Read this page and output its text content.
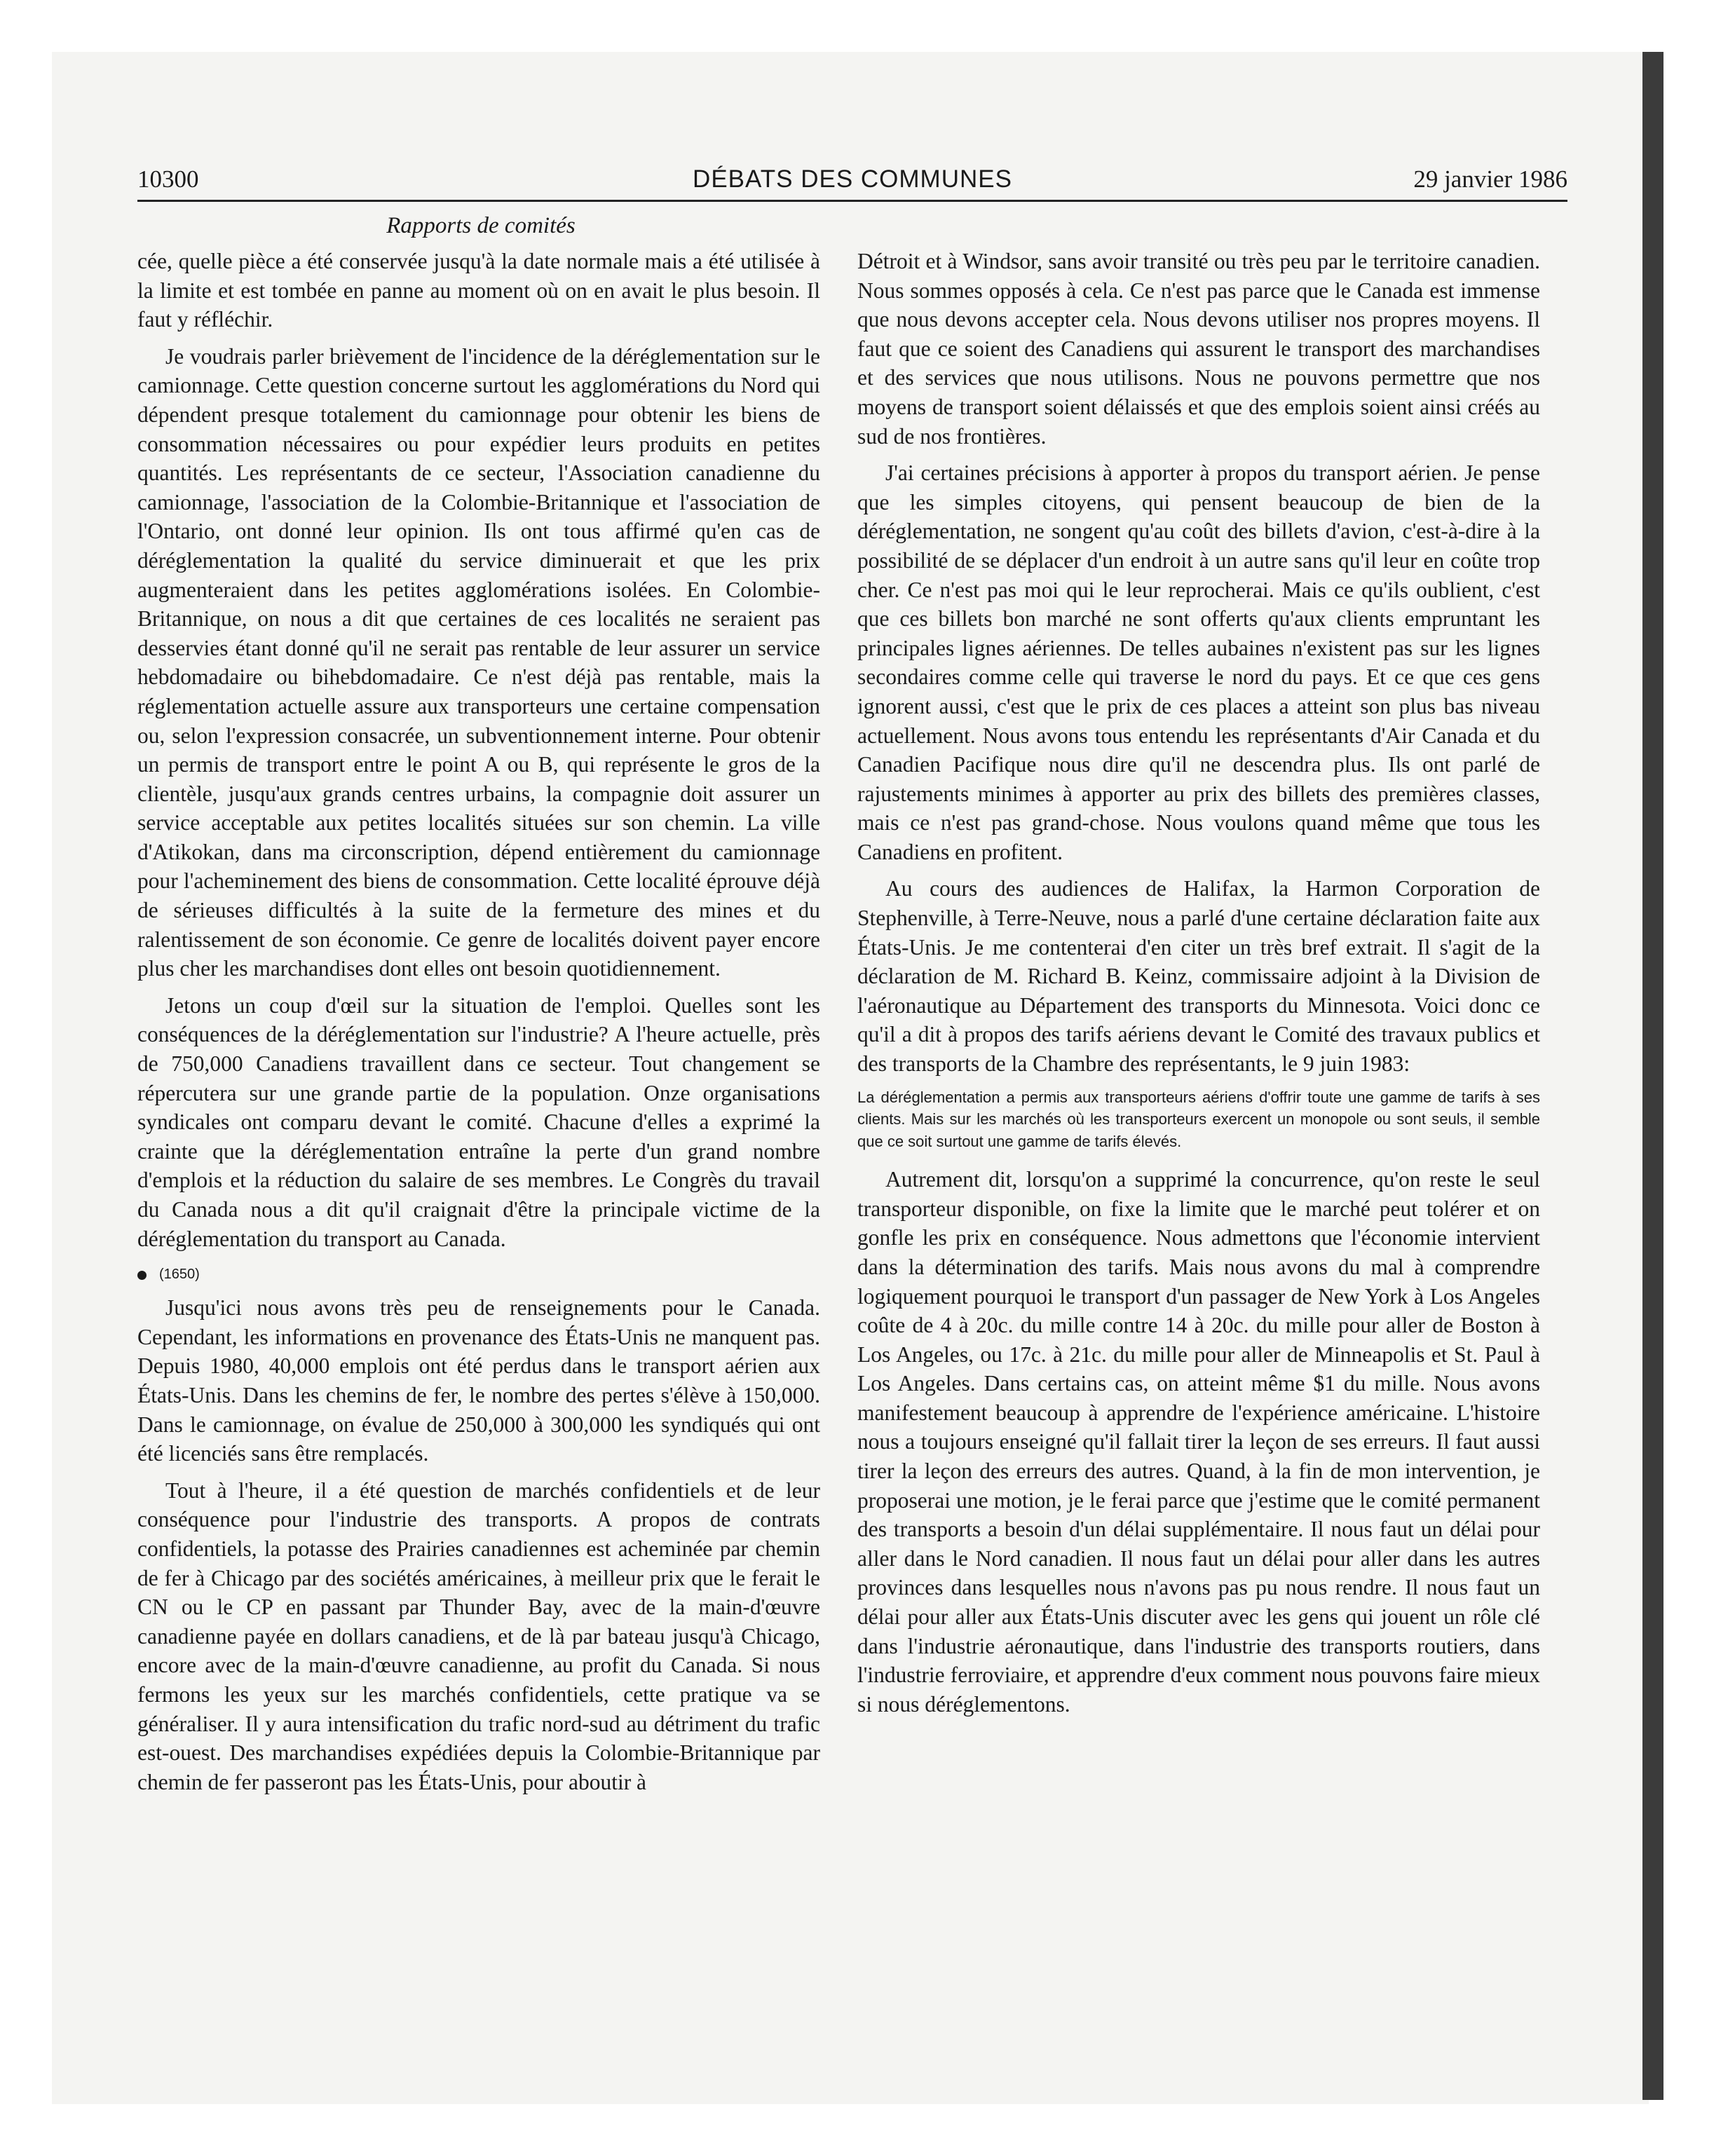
10300	DÉBATS DES COMMUNES	29 janvier 1986
Rapports de comités

cée, quelle pièce a été conservée jusqu'à la date normale mais a été utilisée à la limite et est tombée en panne au moment où on en avait le plus besoin. Il faut y réfléchir.

Je voudrais parler brièvement de l'incidence de la déréglementation sur le camionnage. Cette question concerne surtout les agglomérations du Nord qui dépendent presque totalement du camionnage pour obtenir les biens de consommation nécessaires ou pour expédier leurs produits en petites quantités. Les représentants de ce secteur, l'Association canadienne du camionnage, l'association de la Colombie-Britannique et l'association de l'Ontario, ont donné leur opinion. Ils ont tous affirmé qu'en cas de déréglementation la qualité du service diminuerait et que les prix augmenteraient dans les petites agglomérations isolées. En Colombie-Britannique, on nous a dit que certaines de ces localités ne seraient pas desservies étant donné qu'il ne serait pas rentable de leur assurer un service hebdomadaire ou bihebdomadaire. Ce n'est déjà pas rentable, mais la réglementation actuelle assure aux transporteurs une certaine compensation ou, selon l'expression consacrée, un subventionnement interne. Pour obtenir un permis de transport entre le point A ou B, qui représente le gros de la clientèle, jusqu'aux grands centres urbains, la compagnie doit assurer un service acceptable aux petites localités situées sur son chemin. La ville d'Atikokan, dans ma circonscription, dépend entièrement du camionnage pour l'acheminement des biens de consommation. Cette localité éprouve déjà de sérieuses difficultés à la suite de la fermeture des mines et du ralentissement de son économie. Ce genre de localités doivent payer encore plus cher les marchandises dont elles ont besoin quotidiennement.

Jetons un coup d'œil sur la situation de l'emploi. Quelles sont les conséquences de la déréglementation sur l'industrie? A l'heure actuelle, près de 750,000 Canadiens travaillent dans ce secteur. Tout changement se répercutera sur une grande partie de la population. Onze organisations syndicales ont comparu devant le comité. Chacune d'elles a exprimé la crainte que la déréglementation entraîne la perte d'un grand nombre d'emplois et la réduction du salaire de ses membres. Le Congrès du travail du Canada nous a dit qu'il craignait d'être la principale victime de la déréglementation du transport au Canada.

(1650)

Jusqu'ici nous avons très peu de renseignements pour le Canada. Cependant, les informations en provenance des États-Unis ne manquent pas. Depuis 1980, 40,000 emplois ont été perdus dans le transport aérien aux États-Unis. Dans les chemins de fer, le nombre des pertes s'élève à 150,000. Dans le camionnage, on évalue de 250,000 à 300,000 les syndiqués qui ont été licenciés sans être remplacés.

Tout à l'heure, il a été question de marchés confidentiels et de leur conséquence pour l'industrie des transports. A propos de contrats confidentiels, la potasse des Prairies canadiennes est acheminée par chemin de fer à Chicago par des sociétés américaines, à meilleur prix que le ferait le CN ou le CP en passant par Thunder Bay, avec de la main-d'œuvre canadienne payée en dollars canadiens, et de là par bateau jusqu'à Chicago, encore avec de la main-d'œuvre canadienne, au profit du Canada. Si nous fermons les yeux sur les marchés confidentiels, cette pratique va se généraliser. Il y aura intensification du trafic nord-sud au détriment du trafic est-ouest. Des marchandises expédiées depuis la Colombie-Britannique par chemin de fer passeront pas les États-Unis, pour aboutir à

Détroit et à Windsor, sans avoir transité ou très peu par le territoire canadien. Nous sommes opposés à cela. Ce n'est pas parce que le Canada est immense que nous devons accepter cela. Nous devons utiliser nos propres moyens. Il faut que ce soient des Canadiens qui assurent le transport des marchandises et des services que nous utilisons. Nous ne pouvons permettre que nos moyens de transport soient délaissés et que des emplois soient ainsi créés au sud de nos frontières.

J'ai certaines précisions à apporter à propos du transport aérien. Je pense que les simples citoyens, qui pensent beaucoup de bien de la déréglementation, ne songent qu'au coût des billets d'avion, c'est-à-dire à la possibilité de se déplacer d'un endroit à un autre sans qu'il leur en coûte trop cher. Ce n'est pas moi qui le leur reprocherai. Mais ce qu'ils oublient, c'est que ces billets bon marché ne sont offerts qu'aux clients empruntant les principales lignes aériennes. De telles aubaines n'existent pas sur les lignes secondaires comme celle qui traverse le nord du pays. Et ce que ces gens ignorent aussi, c'est que le prix de ces places a atteint son plus bas niveau actuellement. Nous avons tous entendu les représentants d'Air Canada et du Canadien Pacifique nous dire qu'il ne descendra plus. Ils ont parlé de rajustements minimes à apporter au prix des billets des premières classes, mais ce n'est pas grand-chose. Nous voulons quand même que tous les Canadiens en profitent.

Au cours des audiences de Halifax, la Harmon Corporation de Stephenville, à Terre-Neuve, nous a parlé d'une certaine déclaration faite aux États-Unis. Je me contenterai d'en citer un très bref extrait. Il s'agit de la déclaration de M. Richard B. Keinz, commissaire adjoint à la Division de l'aéronautique au Département des transports du Minnesota. Voici donc ce qu'il a dit à propos des tarifs aériens devant le Comité des travaux publics et des transports de la Chambre des représentants, le 9 juin 1983:

La déréglementation a permis aux transporteurs aériens d'offrir toute une gamme de tarifs à ses clients. Mais sur les marchés où les transporteurs exercent un monopole ou sont seuls, il semble que ce soit surtout une gamme de tarifs élevés.

Autrement dit, lorsqu'on a supprimé la concurrence, qu'on reste le seul transporteur disponible, on fixe la limite que le marché peut tolérer et on gonfle les prix en conséquence. Nous admettons que l'économie intervient dans la détermination des tarifs. Mais nous avons du mal à comprendre logiquement pourquoi le transport d'un passager de New York à Los Angeles coûte de 4 à 20c. du mille contre 14 à 20c. du mille pour aller de Boston à Los Angeles, ou 17c. à 21c. du mille pour aller de Minneapolis et St. Paul à Los Angeles. Dans certains cas, on atteint même $1 du mille. Nous avons manifestement beaucoup à apprendre de l'expérience américaine. L'histoire nous a toujours enseigné qu'il fallait tirer la leçon de ses erreurs. Il faut aussi tirer la leçon des erreurs des autres. Quand, à la fin de mon intervention, je proposerai une motion, je le ferai parce que j'estime que le comité permanent des transports a besoin d'un délai supplémentaire. Il nous faut un délai pour aller dans le Nord canadien. Il nous faut un délai pour aller dans les autres provinces dans lesquelles nous n'avons pas pu nous rendre. Il nous faut un délai pour aller aux États-Unis discuter avec les gens qui jouent un rôle clé dans l'industrie aéronautique, dans l'industrie des transports routiers, dans l'industrie ferroviaire, et apprendre d'eux comment nous pouvons faire mieux si nous déréglementons.
